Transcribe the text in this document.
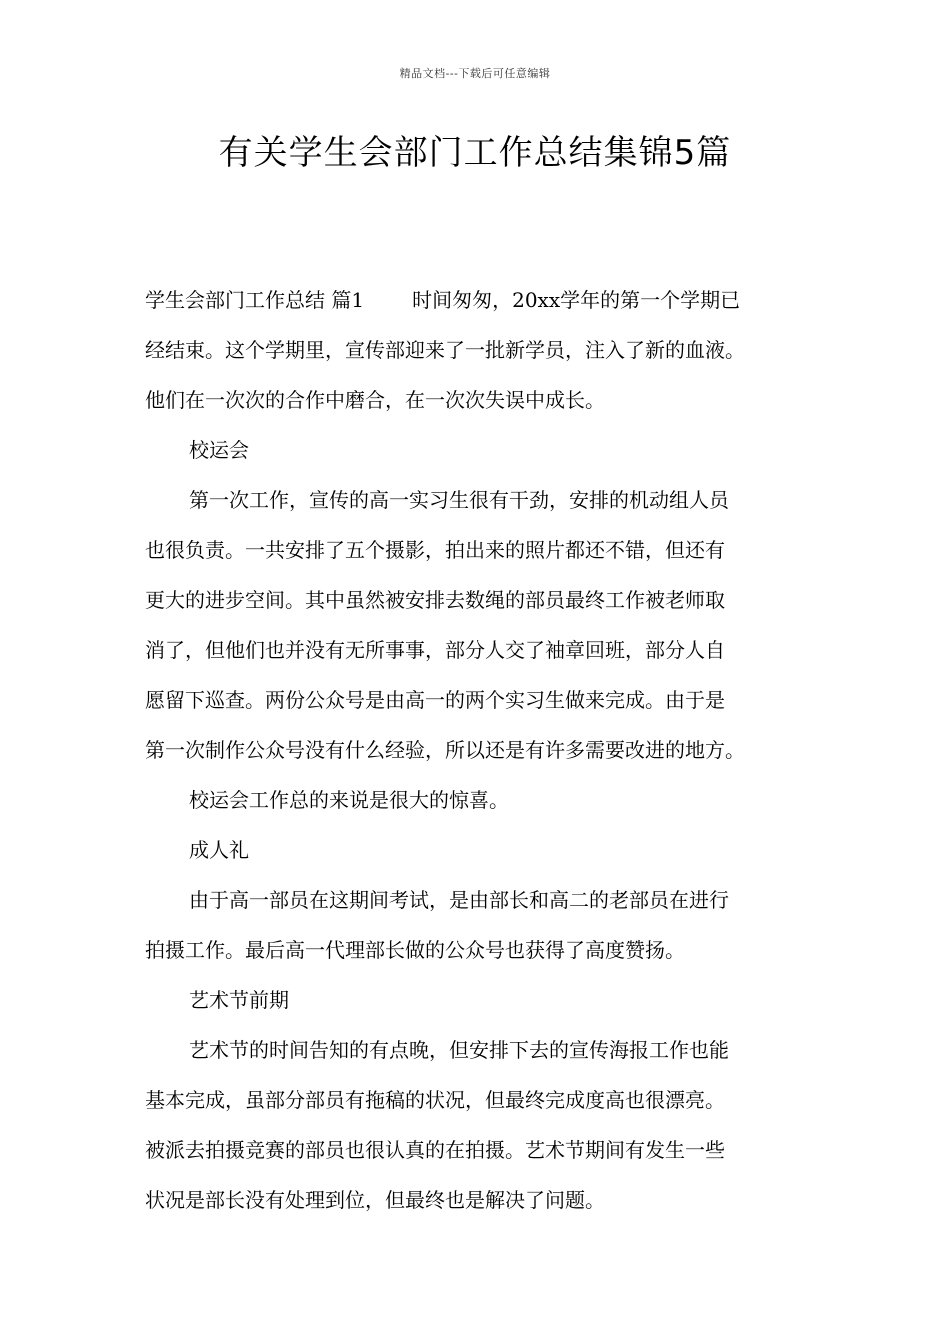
精品文档---下载后可任意编辑
有关学生会部门工作总结集锦5篇
学生会部门工作总结 篇1 时间匆匆，20xx学年的第一个学期已
经结束。这个学期里，宣传部迎来了一批新学员，注入了新的血液。
他们在一次次的合作中磨合，在一次次失误中成长。
校运会
第一次工作，宣传的高一实习生很有干劲，安排的机动组人员
也很负责。一共安排了五个摄影，拍出来的照片都还不错，但还有
更大的进步空间。其中虽然被安排去数绳的部员最终工作被老师取
消了，但他们也并没有无所事事，部分人交了袖章回班，部分人自
愿留下巡查。两份公众号是由高一的两个实习生做来完成。由于是
第一次制作公众号没有什么经验，所以还是有许多需要改进的地方。
校运会工作总的来说是很大的惊喜。
成人礼
由于高一部员在这期间考试，是由部长和高二的老部员在进行
拍摄工作。最后高一代理部长做的公众号也获得了高度赞扬。
艺术节前期
艺术节的时间告知的有点晚，但安排下去的宣传海报工作也能
基本完成，虽部分部员有拖稿的状况，但最终完成度高也很漂亮。
被派去拍摄竞赛的部员也很认真的在拍摄。艺术节期间有发生一些
状况是部长没有处理到位，但最终也是解决了问题。
